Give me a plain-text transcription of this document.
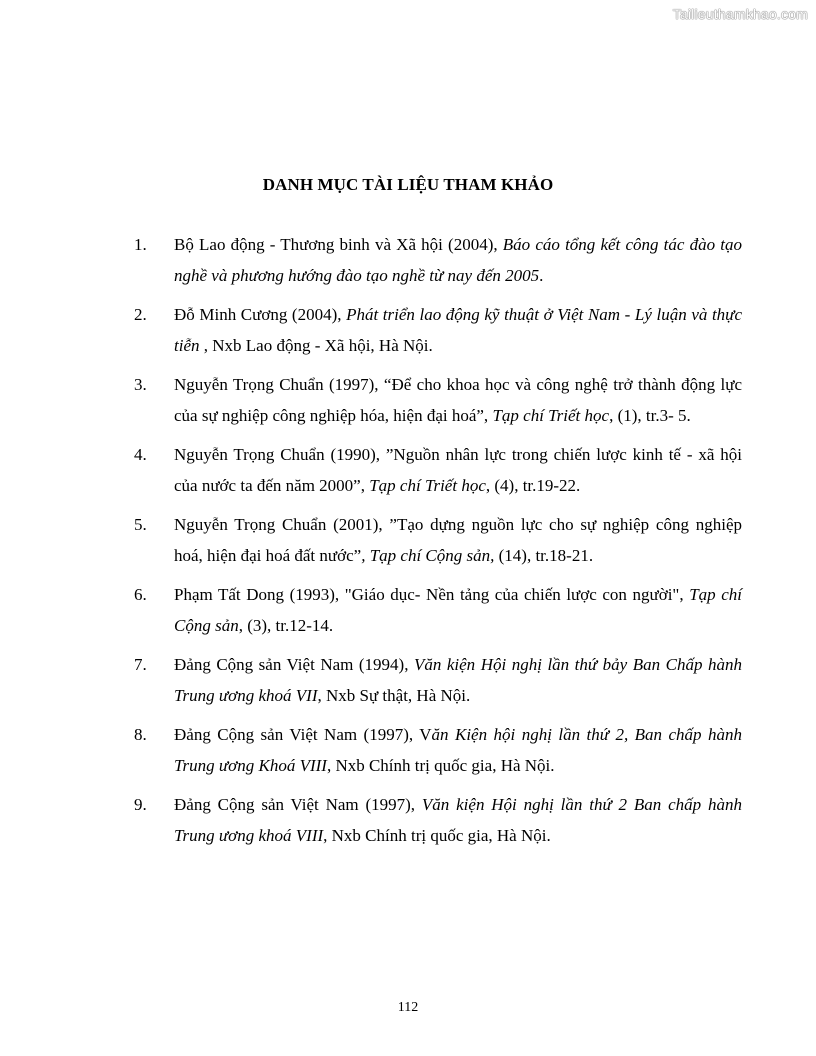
Tailieuthamkhao.com
DANH MỤC TÀI LIỆU THAM KHẢO
1. Bộ Lao động - Thương binh và Xã hội (2004), Báo cáo tổng kết công tác đào tạo nghề và phương hướng đào tạo nghề từ nay đến 2005.
2. Đỗ Minh Cương (2004), Phát triển lao động kỹ thuật ở Việt Nam - Lý luận và thực tiễn , Nxb Lao động - Xã hội, Hà Nội.
3. Nguyễn Trọng Chuẩn (1997), “Để cho khoa học và công nghệ trở thành động lực của sự nghiệp công nghiệp hóa, hiện đại hoá”, Tạp chí Triết học, (1), tr.3- 5.
4. Nguyễn Trọng Chuẩn (1990), ”Nguồn nhân lực trong chiến lược kinh tế - xã hội của nước ta đến năm 2000”, Tạp chí Triết học, (4), tr.19-22.
5. Nguyễn Trọng Chuẩn (2001), ”Tạo dựng nguồn lực cho sự nghiệp công nghiệp hoá, hiện đại hoá đất nước”, Tạp chí Cộng sản, (14), tr.18-21.
6. Phạm Tất Dong (1993), "Giáo dục- Nền tảng của chiến lược con người", Tạp chí Cộng sản, (3), tr.12-14.
7. Đảng Cộng sản Việt Nam (1994), Văn kiện Hội nghị lần thứ bảy Ban Chấp hành Trung ương khoá VII, Nxb Sự thật, Hà Nội.
8. Đảng Cộng sản Việt Nam (1997), Văn Kiện hội nghị lần thứ 2, Ban chấp hành Trung ương Khoá VIII, Nxb Chính trị quốc gia, Hà Nội.
9. Đảng Cộng sản Việt Nam (1997), Văn kiện Hội nghị lần thứ 2 Ban chấp hành Trung ương khoá VIII, Nxb Chính trị quốc gia, Hà Nội.
112
